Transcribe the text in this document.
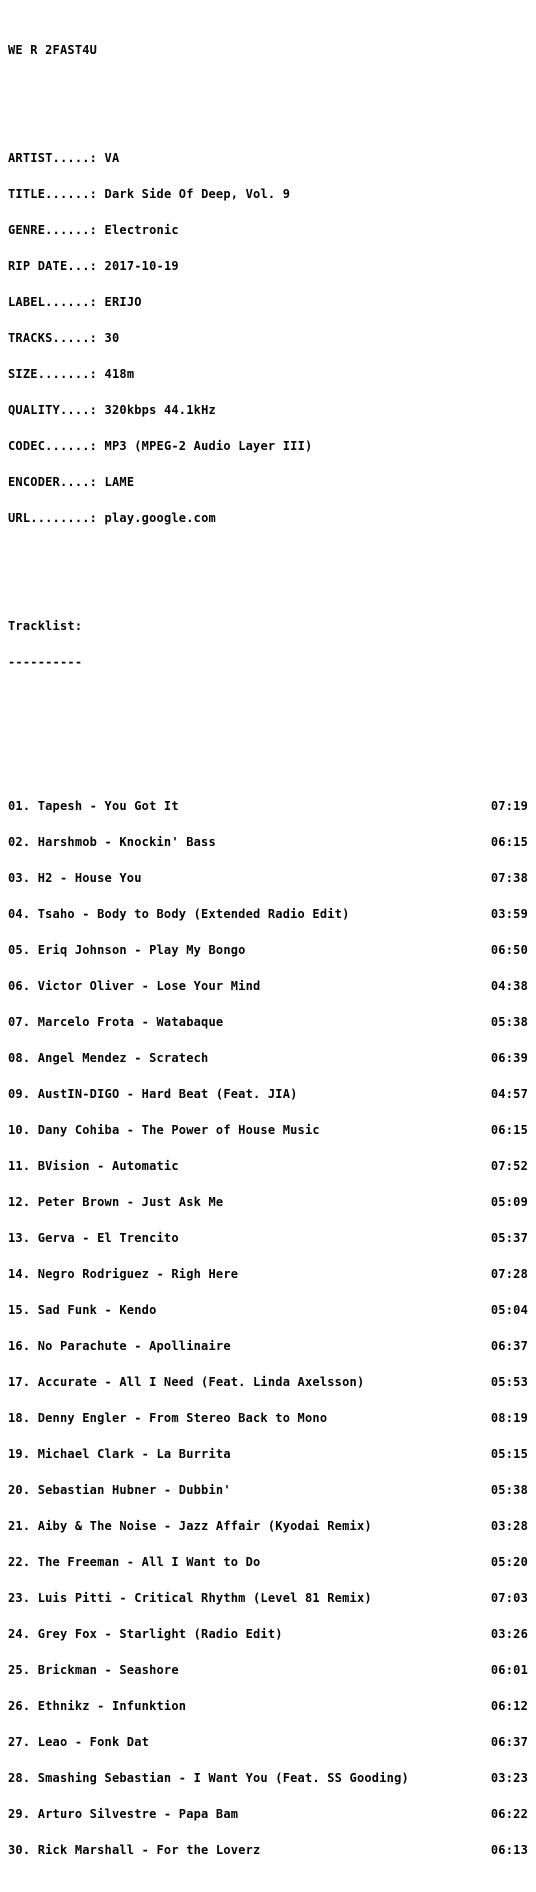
WE R 2FAST4U

ARTIST.....: VA

TITLE......: Dark Side Of Deep, Vol. 9

GENRE......: Electronic

RIP DATE...: 2017-10-19

LABEL......: ERIJO

TRACKS.....: 30

SIZE.......: 418m

QUALITY....: 320kbps 44.1kHz

CODEC......: MP3 (MPEG-2 Audio Layer III)

ENCODER....: LAME

URL........: play.google.com

Tracklist:

----------

01. Tapesh - You Got It	07:19

02. Harshmob - Knockin' Bass	06:15

03. H2 - House You	07:38

04. Tsaho - Body to Body (Extended Radio Edit)	03:59

05. Eriq Johnson - Play My Bongo	06:50

06. Victor Oliver - Lose Your Mind	04:38

07. Marcelo Frota - Watabaque	05:38

08. Angel Mendez - Scratech	06:39

09. AustIN-DIGO - Hard Beat (Feat. JIA)	04:57

10. Dany Cohiba - The Power of House Music	06:15

11. BVision - Automatic	07:52

12. Peter Brown - Just Ask Me	05:09

13. Gerva - El Trencito	05:37

14. Negro Rodriguez - Righ Here	07:28

15. Sad Funk - Kendo	05:04

16. No Parachute - Apollinaire	06:37

17. Accurate - All I Need (Feat. Linda Axelsson)	05:53

18. Denny Engler - From Stereo Back to Mono	08:19

19. Michael Clark - La Burrita	05:15

20. Sebastian Hubner - Dubbin'	05:38

21. Aiby & The Noise - Jazz Affair (Kyodai Remix)	03:28

22. The Freeman - All I Want to Do	05:20

23. Luis Pitti - Critical Rhythm (Level 81 Remix)	07:03

24. Grey Fox - Starlight (Radio Edit)	03:26

25. Brickman - Seashore	06:01

26. Ethnikz - Infunktion	06:12

27. Leao - Fonk Dat	06:37

28. Smashing Sebastian - I Want You (Feat. SS Gooding)	03:23

29. Arturo Silvestre - Papa Bam	06:22

30. Rick Marshall - For the Loverz	06:13
